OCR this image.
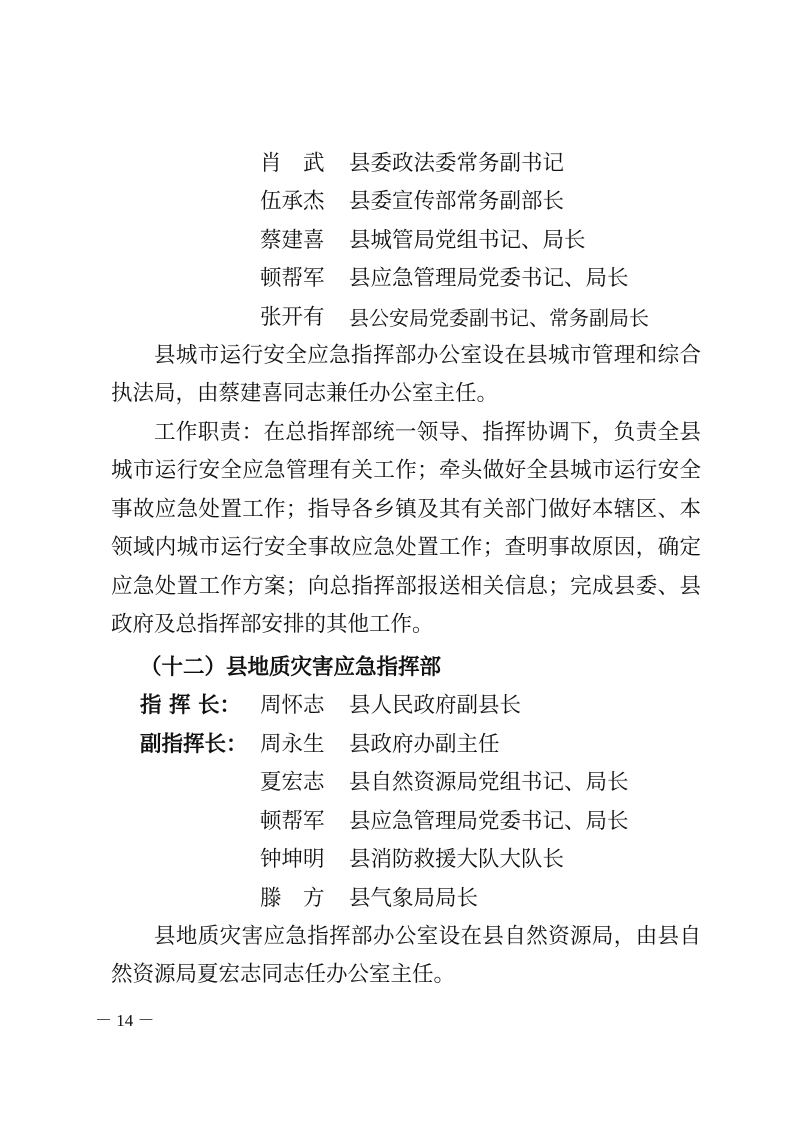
肖　武 县委政法委常务副书记
伍承杰 县委宣传部常务副部长
蔡建喜 县城管局党组书记、局长
顿帮军 县应急管理局党委书记、局长
张开有 县公安局党委副书记、常务副局长
县城市运行安全应急指挥部办公室设在县城市管理和综合执法局，由蔡建喜同志兼任办公室主任。
工作职责：在总指挥部统一领导、指挥协调下，负责全县城市运行安全应急管理有关工作；牵头做好全县城市运行安全事故应急处置工作；指导各乡镇及其有关部门做好本辖区、本领域内城市运行安全事故应急处置工作；查明事故原因，确定应急处置工作方案；向总指挥部报送相关信息；完成县委、县政府及总指挥部安排的其他工作。
（十二）县地质灾害应急指挥部
指 挥 长： 周怀志 县人民政府副县长
副指挥长： 周永生 县政府办副主任
夏宏志 县自然资源局党组书记、局长
顿帮军 县应急管理局党委书记、局长
钟坤明 县消防救援大队大队长
滕　方 县气象局局长
县地质灾害应急指挥部办公室设在县自然资源局，由县自然资源局夏宏志同志任办公室主任。
－ 14 －
